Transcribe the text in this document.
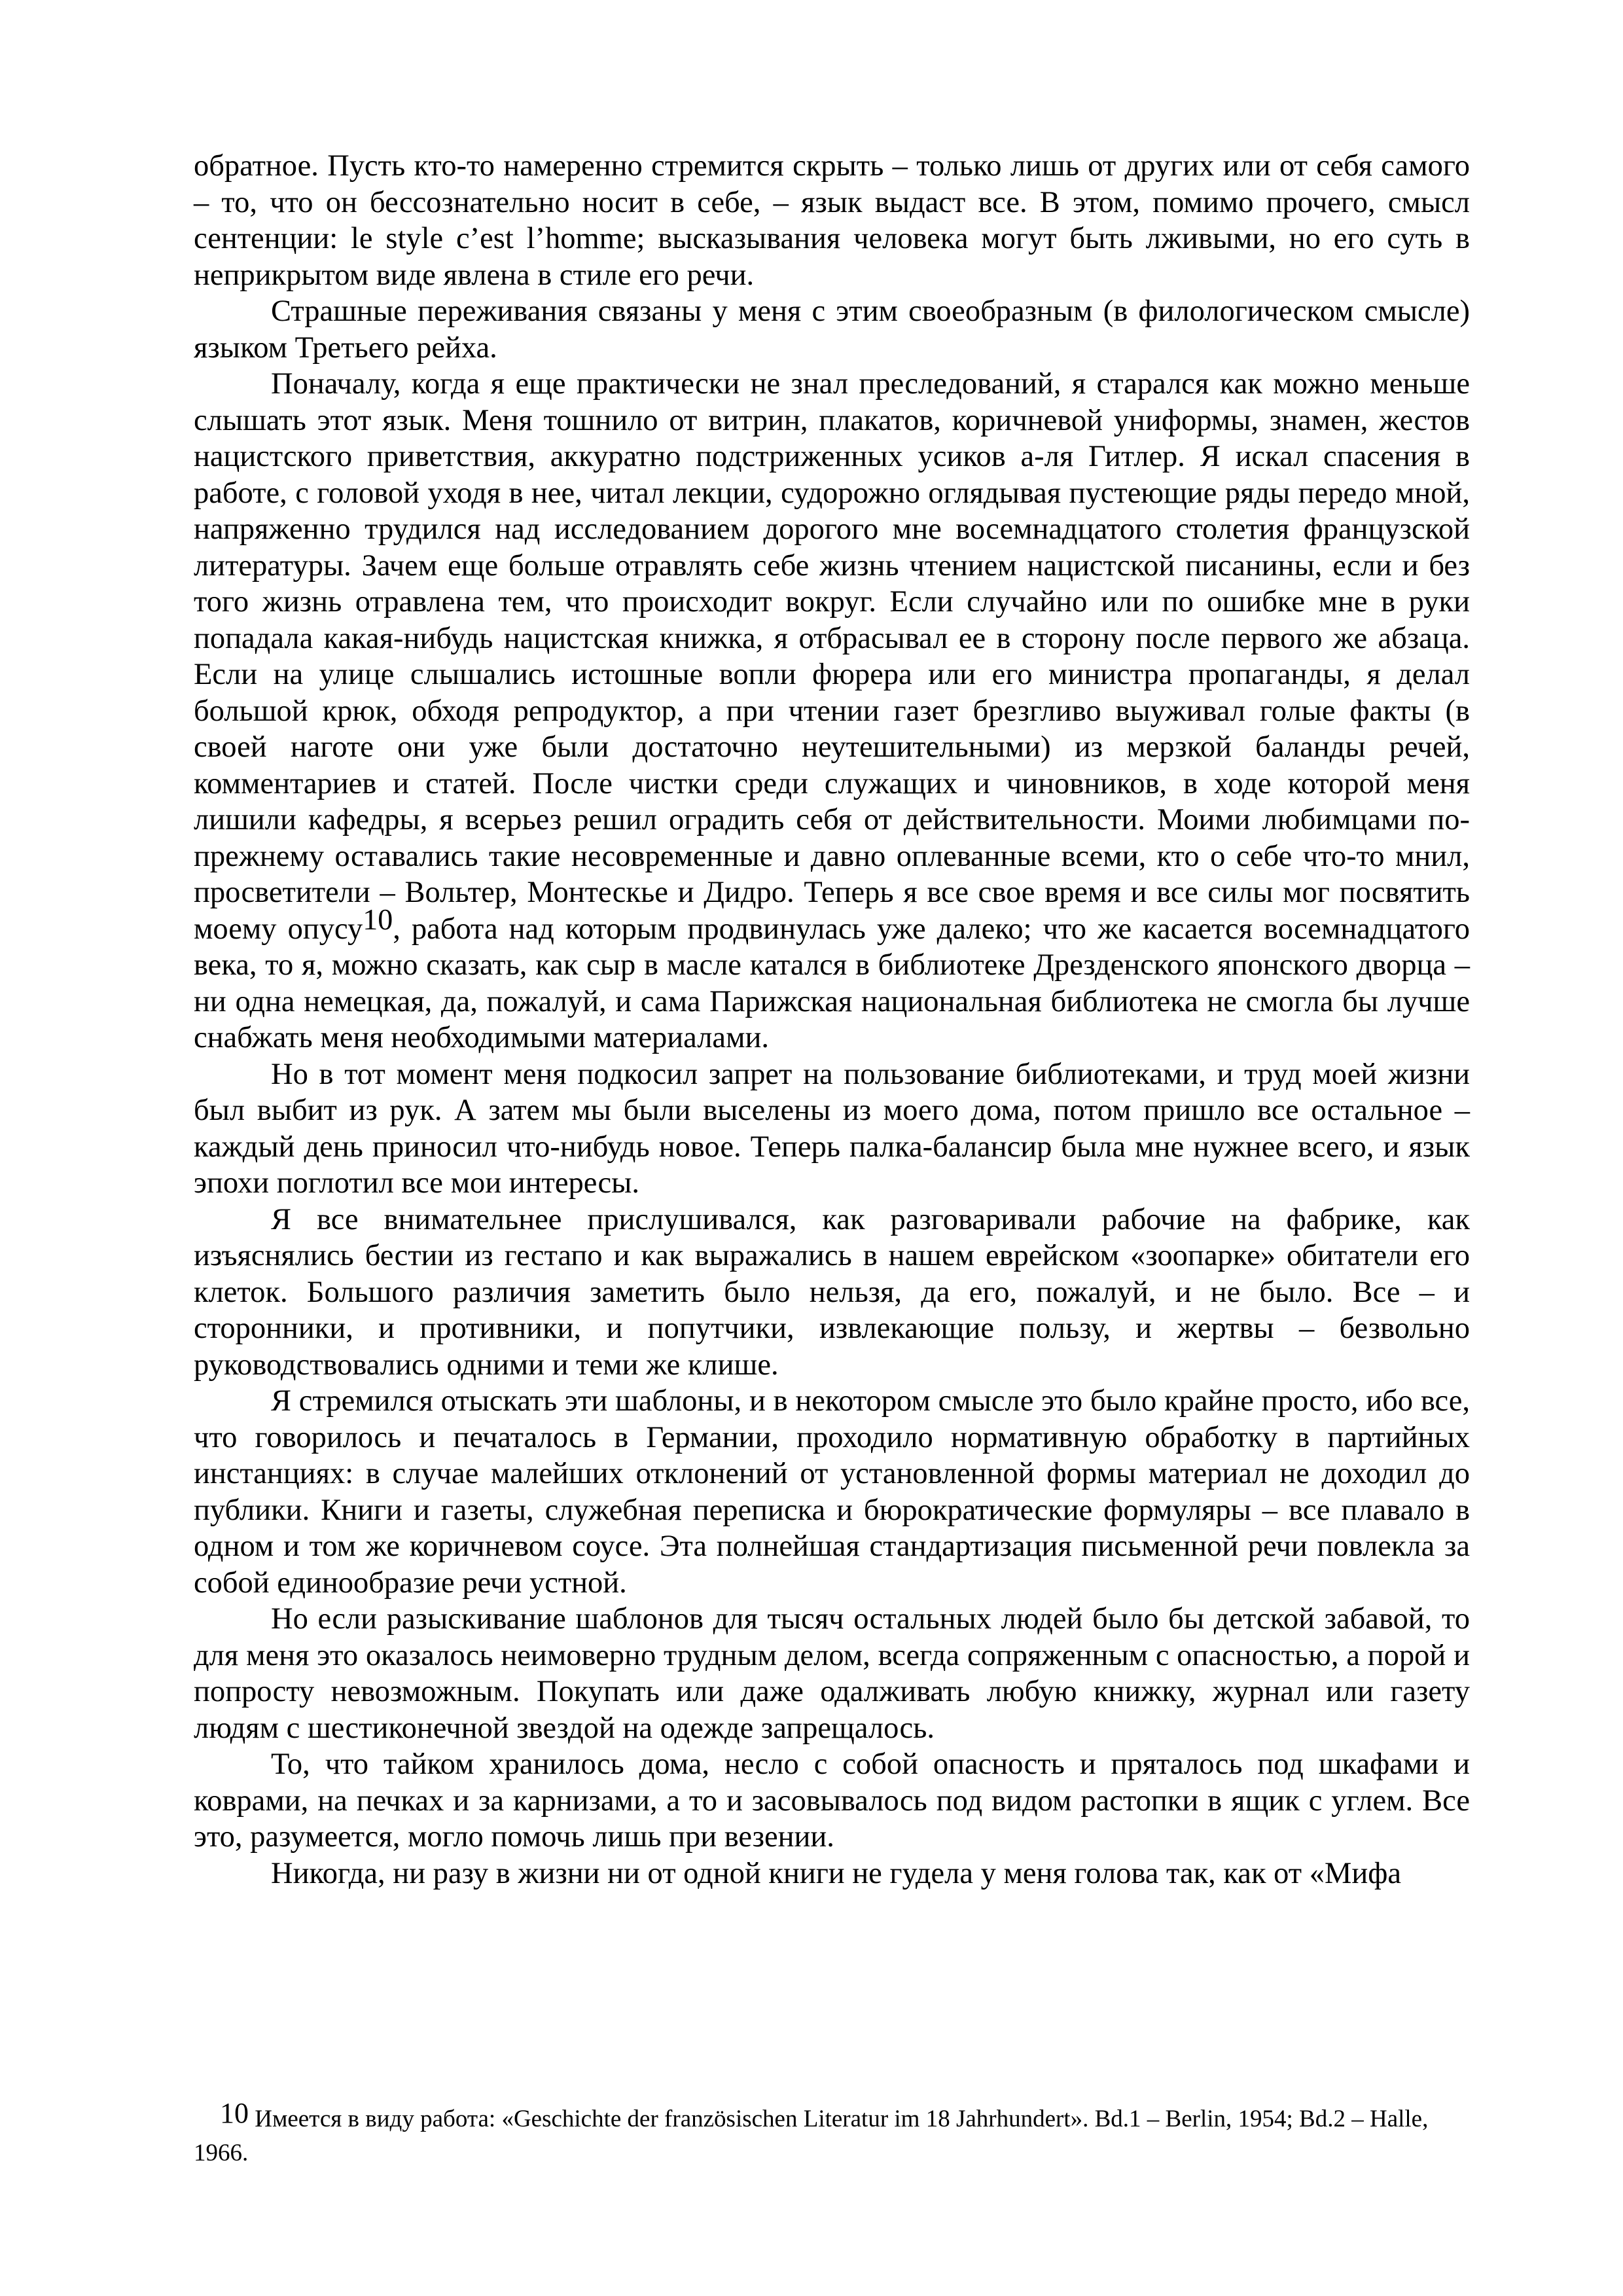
обратное. Пусть кто-то намеренно стремится скрыть – только лишь от других или от себя самого – то, что он бессознательно носит в себе, – язык выдаст все. В этом, помимо прочего, смысл сентенции: le style c’est l’homme; высказывания человека могут быть лживыми, но его суть в неприкрытом виде явлена в стиле его речи.

Страшные переживания связаны у меня с этим своеобразным (в филологическом смысле) языком Третьего рейха.

Поначалу, когда я еще практически не знал преследований, я старался как можно меньше слышать этот язык. Меня тошнило от витрин, плакатов, коричневой униформы, знамен, жестов нацистского приветствия, аккуратно подстриженных усиков а-ля Гитлер. Я искал спасения в работе, с головой уходя в нее, читал лекции, судорожно оглядывая пустеющие ряды передо мной, напряженно трудился над исследованием дорогого мне восемнадцатого столетия французской литературы. Зачем еще больше отравлять себе жизнь чтением нацистской писанины, если и без того жизнь отравлена тем, что происходит вокруг. Если случайно или по ошибке мне в руки попадала какая-нибудь нацистская книжка, я отбрасывал ее в сторону после первого же абзаца. Если на улице слышались истошные вопли фюрера или его министра пропаганды, я делал большой крюк, обходя репродуктор, а при чтении газет брезгливо выуживал голые факты (в своей наготе они уже были достаточно неутешительными) из мерзкой баланды речей, комментариев и статей. После чистки среди служащих и чиновников, в ходе которой меня лишили кафедры, я всерьез решил оградить себя от действительности. Моими любимцами по-прежнему оставались такие несовременные и давно оплеванные всеми, кто о себе что-то мнил, просветители – Вольтер, Монтескье и Дидро. Теперь я все свое время и все силы мог посвятить моему опусу$^{10}$, работа над которым продвинулась уже далеко; что же касается восемнадцатого века, то я, можно сказать, как сыр в масле катался в библиотеке Дрезденского японского дворца – ни одна немецкая, да, пожалуй, и сама Парижская национальная библиотека не смогла бы лучше снабжать меня необходимыми материалами.

Но в тот момент меня подкосил запрет на пользование библиотеками, и труд моей жизни был выбит из рук. А затем мы были выселены из моего дома, потом пришло все остальное – каждый день приносил что-нибудь новое. Теперь палка-балансир была мне нужнее всего, и язык эпохи поглотил все мои интересы.

Я все внимательнее прислушивался, как разговаривали рабочие на фабрике, как изъяснялись бестии из гестапо и как выражались в нашем еврейском «зоопарке» обитатели его клеток. Большого различия заметить было нельзя, да его, пожалуй, и не было. Все – и сторонники, и противники, и попутчики, извлекающие пользу, и жертвы – безвольно руководствовались одними и теми же клише.

Я стремился отыскать эти шаблоны, и в некотором смысле это было крайне просто, ибо все, что говорилось и печаталось в Германии, проходило нормативную обработку в партийных инстанциях: в случае малейших отклонений от установленной формы материал не доходил до публики. Книги и газеты, служебная переписка и бюрократические формуляры – все плавало в одном и том же коричневом соусе. Эта полнейшая стандартизация письменной речи повлекла за собой единообразие речи устной.

Но если разыскивание шаблонов для тысяч остальных людей было бы детской забавой, то для меня это оказалось неимоверно трудным делом, всегда сопряженным с опасностью, а порой и попросту невозможным. Покупать или даже одалживать любую книжку, журнал или газету людям с шестиконечной звездой на одежде запрещалось.

То, что тайком хранилось дома, несло с собой опасность и пряталось под шкафами и коврами, на печках и за карнизами, а то и засовывалось под видом растопки в ящик с углем. Все это, разумеется, могло помочь лишь при везении.

Никогда, ни разу в жизни ни от одной книги не гудела у меня голова так, как от «Мифа

10 Имеется в виду работа: «Geschichte der französischen Literatur im 18 Jahrhundert». Bd.1 – Berlin, 1954; Bd.2 – Halle, 1966.
